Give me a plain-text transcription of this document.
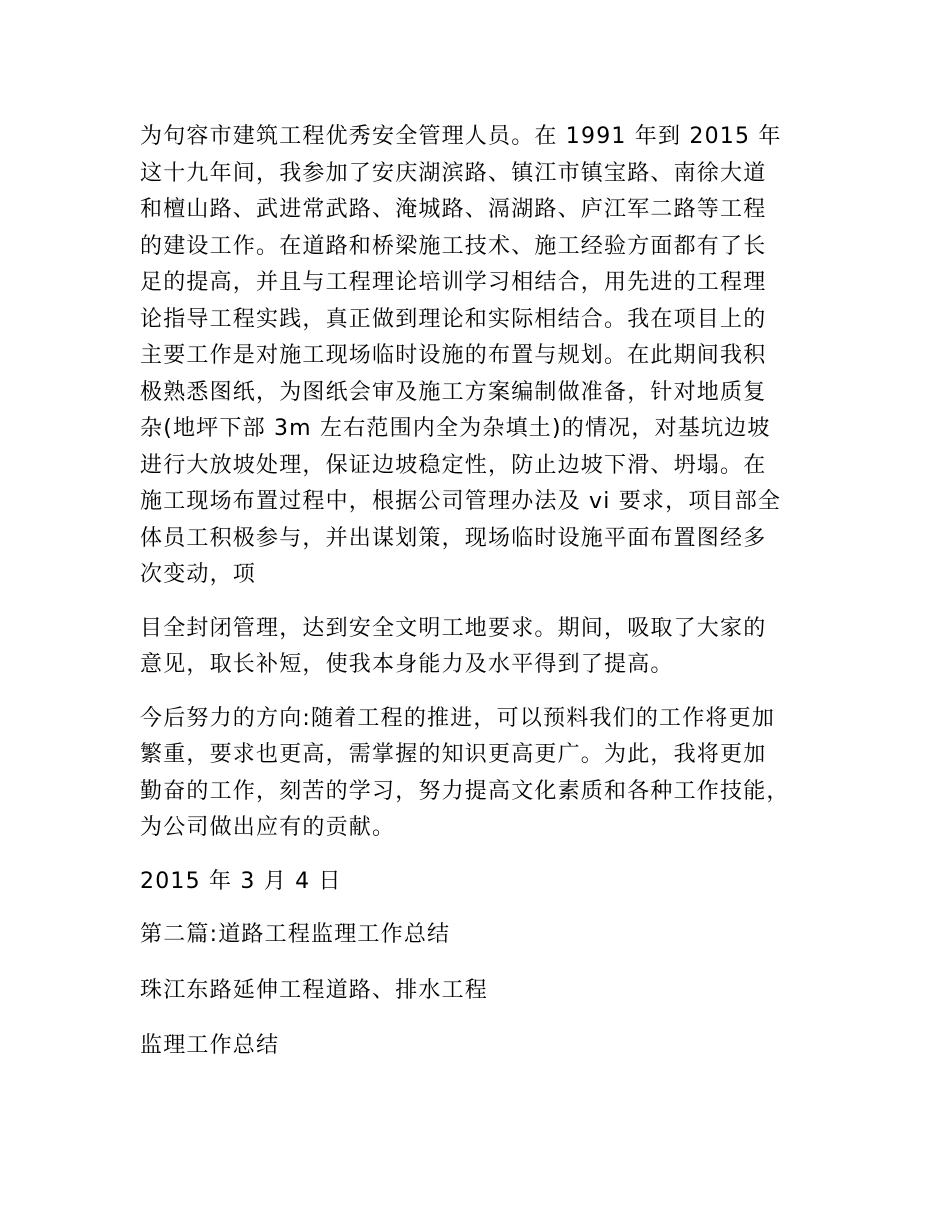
为句容市建筑工程优秀安全管理人员。在 1991 年到 2015 年
这十九年间，我参加了安庆湖滨路、镇江市镇宝路、南徐大道
和檀山路、武进常武路、淹城路、滆湖路、庐江军二路等工程
的建设工作。在道路和桥梁施工技术、施工经验方面都有了长
足的提高，并且与工程理论培训学习相结合，用先进的工程理
论指导工程实践，真正做到理论和实际相结合。我在项目上的
主要工作是对施工现场临时设施的布置与规划。在此期间我积
极熟悉图纸，为图纸会审及施工方案编制做准备，针对地质复
杂(地坪下部 3m 左右范围内全为杂填土)的情况，对基坑边坡
进行大放坡处理，保证边坡稳定性，防止边坡下滑、坍塌。在
施工现场布置过程中，根据公司管理办法及 vi 要求，项目部全
体员工积极参与，并出谋划策，现场临时设施平面布置图经多
次变动，项
目全封闭管理，达到安全文明工地要求。期间，吸取了大家的
意见，取长补短，使我本身能力及水平得到了提高。
今后努力的方向:随着工程的推进，可以预料我们的工作将更加
繁重，要求也更高，需掌握的知识更高更广。为此，我将更加
勤奋的工作，刻苦的学习，努力提高文化素质和各种工作技能，
为公司做出应有的贡献。

2015 年 3 月 4 日

第二篇:道路工程监理工作总结

珠江东路延伸工程道路、排水工程

监理工作总结
